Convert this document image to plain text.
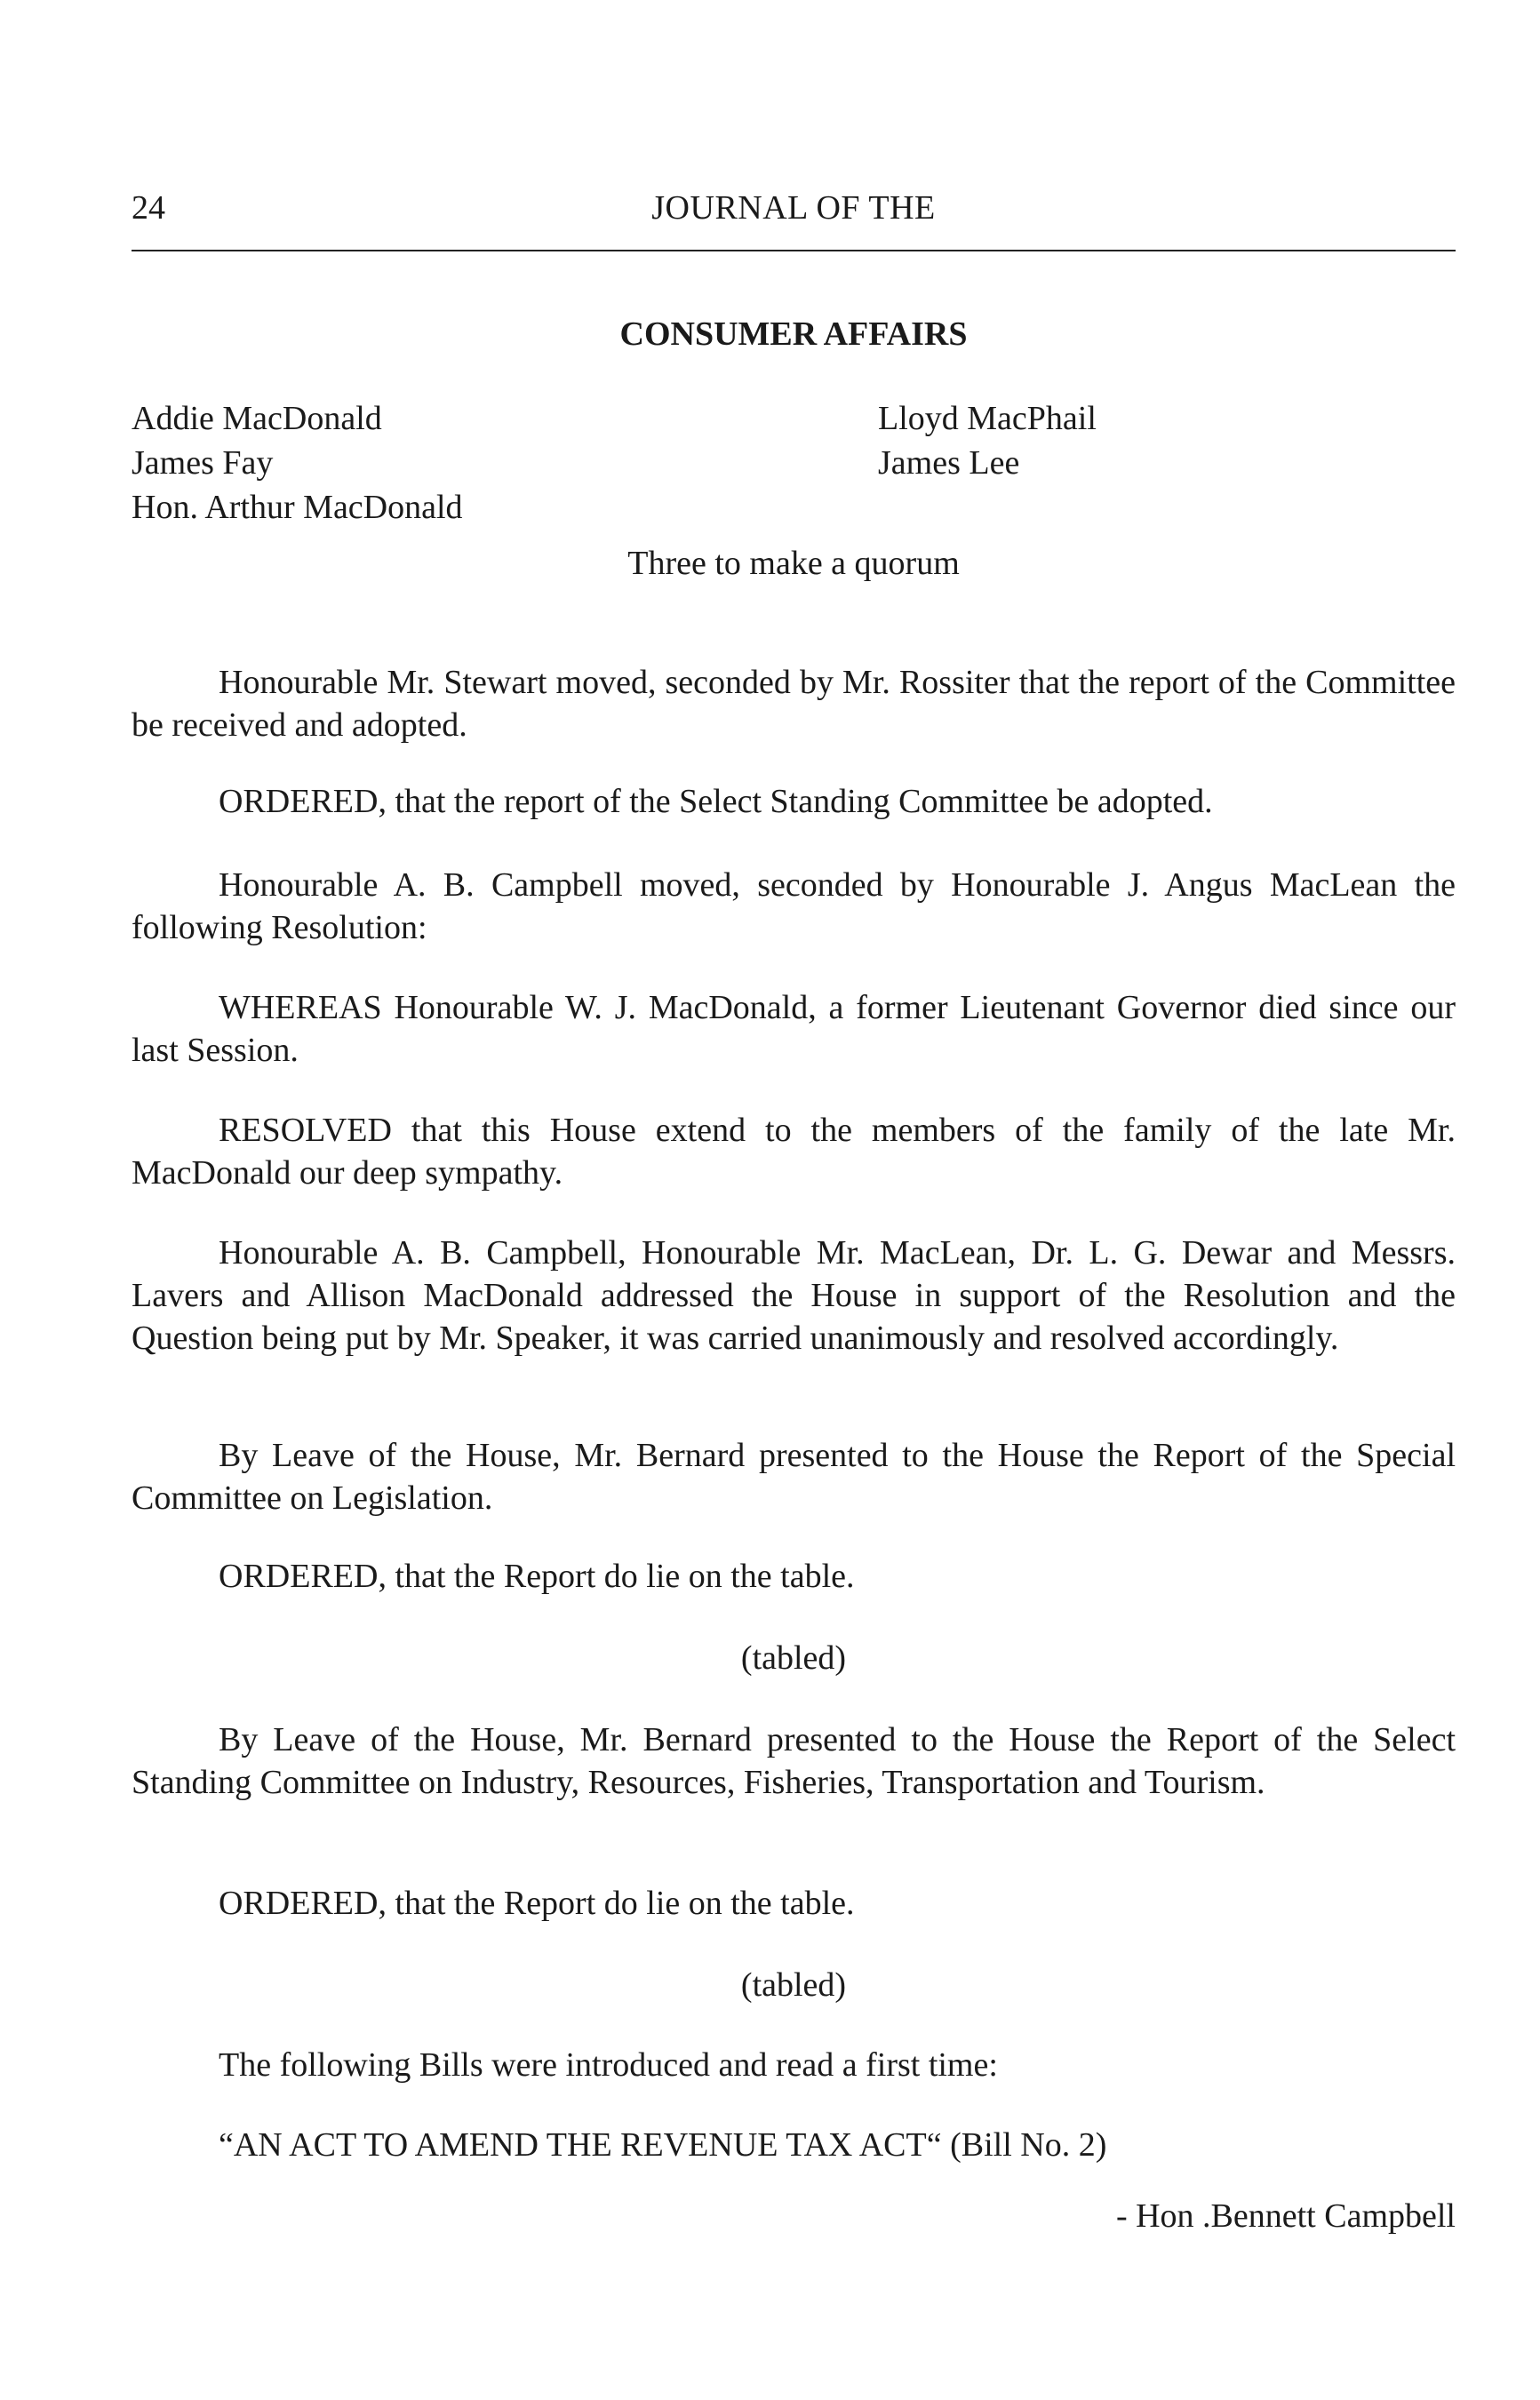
24	JOURNAL OF THE
CONSUMER AFFAIRS
Addie MacDonald
James Fay
Hon. Arthur MacDonald
Lloyd MacPhail
James Lee
Three to make a quorum

Honourable Mr. Stewart moved, seconded by Mr. Rossiter that the report of the Committee be received and adopted.

ORDERED, that the report of the Select Standing Committee be adopted.

Honourable A. B. Campbell moved, seconded by Honourable J. Angus MacLean the following Resolution:

WHEREAS Honourable W. J. MacDonald, a former Lieutenant Governor died since our last Session.

RESOLVED that this House extend to the members of the family of the late Mr. MacDonald our deep sympathy.

Honourable A. B. Campbell, Honourable Mr. MacLean, Dr. L. G. Dewar and Messrs. Lavers and Allison MacDonald addressed the House in support of the Resolution and the Question being put by Mr. Speaker, it was carried unanimously and resolved accordingly.

By Leave of the House, Mr. Bernard presented to the House the Report of the Special Committee on Legislation.

ORDERED, that the Report do lie on the table.

(tabled)

By Leave of the House, Mr. Bernard presented to the House the Report of the Select Standing Committee on Industry, Resources, Fisheries, Transportation and Tourism.

ORDERED, that the Report do lie on the table.

(tabled)

The following Bills were introduced and read a first time:

“AN ACT TO AMEND THE REVENUE TAX ACT“ (Bill No. 2)

- Hon .Bennett Campbell
